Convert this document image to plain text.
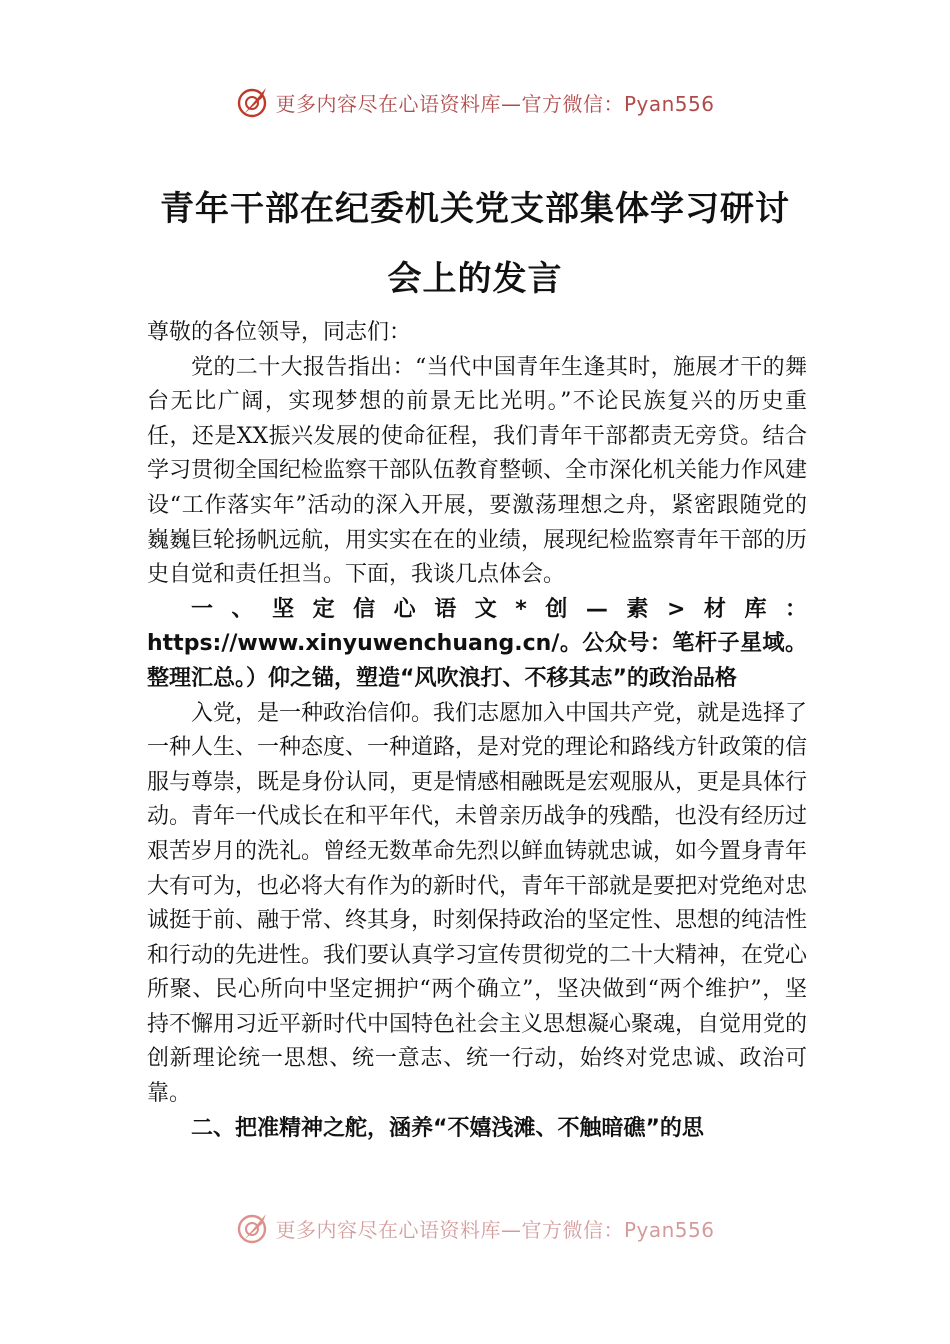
更多内容尽在心语资料库—官方微信：Pyan556
青年干部在纪委机关党支部集体学习研讨
会上的发言

尊敬的各位领导，同志们：

党的二十大报告指出：“当代中国青年生逢其时，施展才干的舞台无比广阔，实现梦想的前景无比光明。”不论民族复兴的历史重任，还是XX振兴发展的使命征程，我们青年干部都责无旁贷。结合学习贯彻全国纪检监察干部队伍教育整顿、全市深化机关能力作风建设“工作落实年”活动的深入开展，要激荡理想之舟，紧密跟随党的巍巍巨轮扬帆远航，用实实在在的业绩，展现纪检监察青年干部的历史自觉和责任担当。下面，我谈几点体会。

一、坚定信心语文*创—素>材库：https://www.xinyuwenchuang.cn/。公众号：笔杆子星域。整理汇总。）仰之锚，塑造“风吹浪打、不移其志”的政治品格

入党，是一种政治信仰。我们志愿加入中国共产党，就是选择了一种人生、一种态度、一种道路，是对党的理论和路线方针政策的信服与尊崇，既是身份认同，更是情感相融既是宏观服从，更是具体行动。青年一代成长在和平年代，未曾亲历战争的残酷，也没有经历过艰苦岁月的洗礼。曾经无数革命先烈以鲜血铸就忠诚，如今置身青年大有可为，也必将大有作为的新时代，青年干部就是要把对党绝对忠诚挺于前、融于常、终其身，时刻保持政治的坚定性、思想的纯洁性和行动的先进性。我们要认真学习宣传贯彻党的二十大精神，在党心所聚、民心所向中坚定拥护“两个确立”，坚决做到“两个维护”，坚持不懈用习近平新时代中国特色社会主义思想凝心聚魂，自觉用党的创新理论统一思想、统一意志、统一行动，始终对党忠诚、政治可靠。

二、把准精神之舵，涵养“不嬉浅滩、不触暗礁”的思

更多内容尽在心语资料库—官方微信：Pyan556
